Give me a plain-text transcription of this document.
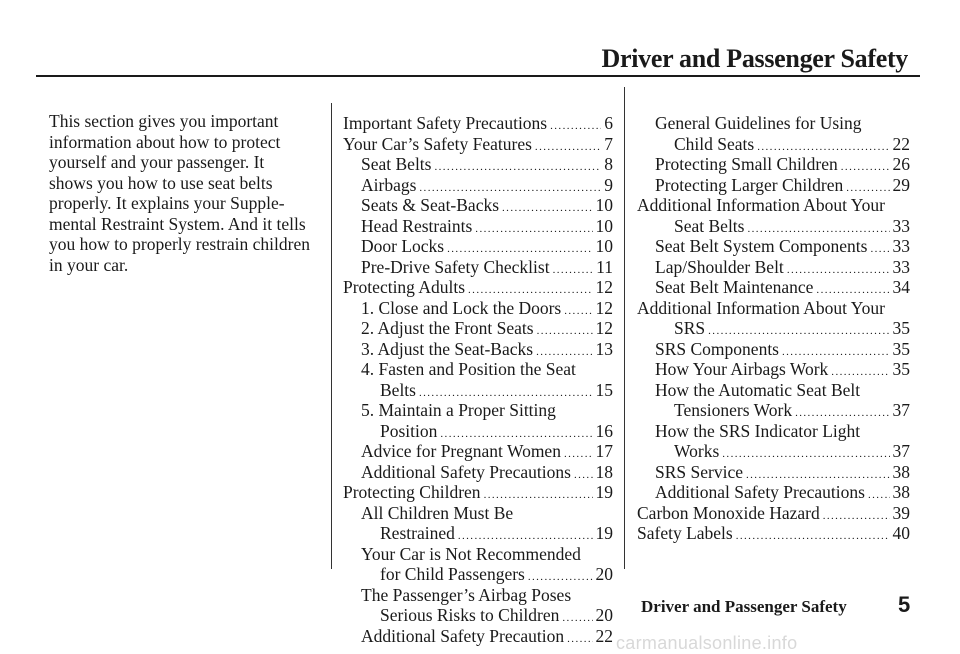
Driver and Passenger Safety

This section gives you important

information about how to protect

yourself and your passenger. It

shows you how to use seat belts

properly. It explains your Supple-

mental Restraint System. And it tells

you how to properly restrain children

in your car.

Important Safety Precautions .....	6
Your Car’s Safety Features .....	7
Seat Belts .....	8
Airbags .....	9
Seats & Seat-Backs .....	10
Head Restraints .....	10
Door Locks .....	10
Pre-Drive Safety Checklist .....	11
Protecting Adults .....	12
1. Close and Lock the Doors ..... 12
2. Adjust the Front Seats .....	12
3. Adjust the Seat-Backs .....	13
4. Fasten and Position the Seat
Belts .....	15
5. Maintain a Proper Sitting
Position .....	16
Advice for Pregnant Women ..... 17
Additional Safety Precautions ..... 18
Protecting Children .....	19
All Children Must Be
Restrained .....	19
Your Car is Not Recommended
for Child Passengers .....	20
The Passenger’s Airbag Poses
Serious Risks to Children ..... 20
Additional Safety Precaution ..... 22
General Guidelines for Using
Child Seats .....	22
Protecting Small Children .....	26
Protecting Larger Children .....	29
Additional Information About Your
Seat Belts .....	33
Seat Belt System Components ..... 33
Lap/Shoulder Belt .....	33
Seat Belt Maintenance .....	34
Additional Information About Your
SRS .....	35
SRS Components .....	35
How Your Airbags Work .....	35
How the Automatic Seat Belt
Tensioners Work .....	37
How the SRS Indicator Light
Works .....	37
SRS Service .....	38
Additional Safety Precautions ..... 38
Carbon Monoxide Hazard .....	39
Safety Labels .....	40
Driver and Passenger Safety 5
carmanualsonline.info
